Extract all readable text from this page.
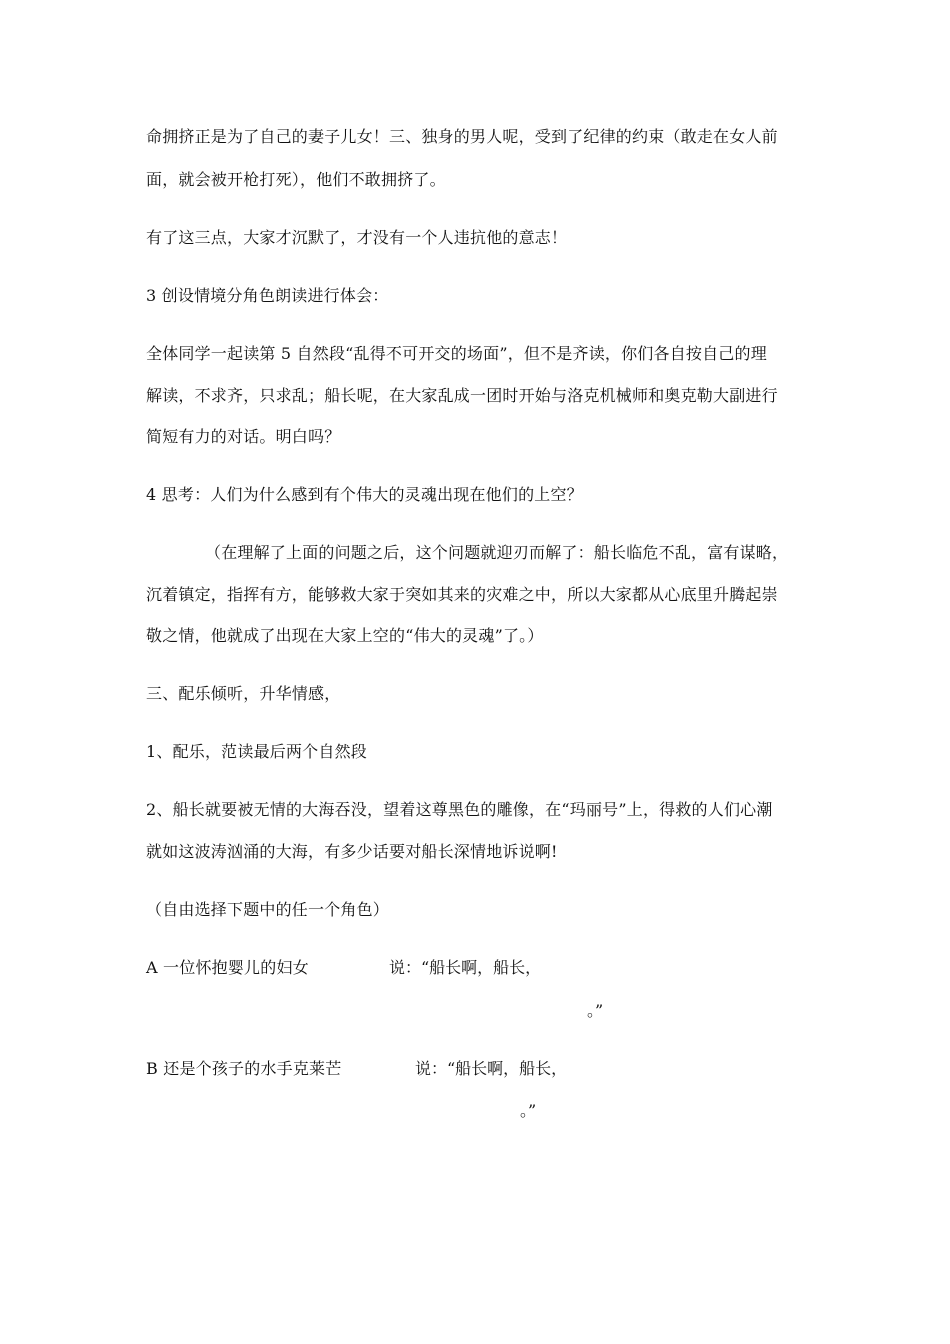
命拥挤正是为了自己的妻子儿女！三、独身的男人呢，受到了纪律的约束（敢走在女人前
面，就会被开枪打死），他们不敢拥挤了。
有了这三点，大家才沉默了，才没有一个人违抗他的意志！
3 创设情境分角色朗读进行体会：
全体同学一起读第 5 自然段“乱得不可开交的场面”，但不是齐读，你们各自按自己的理
解读，不求齐，只求乱；船长呢，在大家乱成一团时开始与洛克机械师和奥克勒大副进行
简短有力的对话。明白吗？
4 思考：人们为什么感到有个伟大的灵魂出现在他们的上空？
（在理解了上面的问题之后，这个问题就迎刃而解了：船长临危不乱，富有谋略，
沉着镇定，指挥有方，能够救大家于突如其来的灾难之中，所以大家都从心底里升腾起崇
敬之情，他就成了出现在大家上空的“伟大的灵魂”了。）
三、配乐倾听，升华情感，
1、配乐，范读最后两个自然段
2、船长就要被无情的大海吞没，望着这尊黑色的雕像，在“玛丽号”上，得救的人们心潮
就如这波涛汹涌的大海，有多少话要对船长深情地诉说啊!
（自由选择下题中的任一个角色）
A 一位怀抱婴儿的妇女	说：“船长啊，船长，
。”
B 还是个孩子的水手克莱芒	说：“船长啊，船长，
。”
